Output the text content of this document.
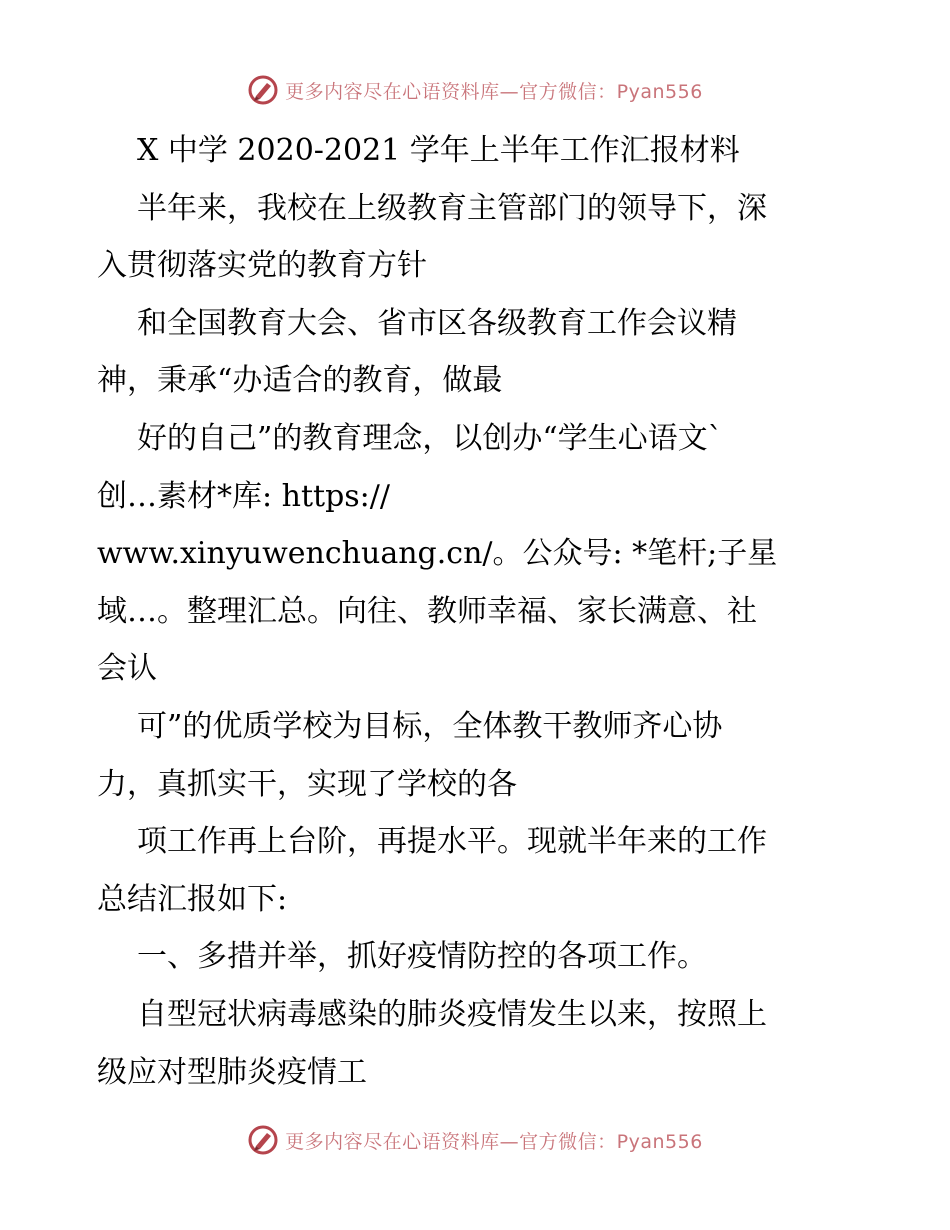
更多内容尽在心语资料库—官方微信：Pyan556
X 中学 2020-2021 学年上半年工作汇报材料
半年来，我校在上级教育主管部门的领导下，深
入贯彻落实党的教育方针
和全国教育大会、省市区各级教育工作会议精
神，秉承“办适合的教育，做最
好的自己”的教育理念，以创办“学生心语文`
创…素材*库: https://
www.xinyuwenchuang.cn/。公众号: *笔杆;子星
域…。整理汇总。向往、教师幸福、家长满意、社
会认
可”的优质学校为目标，全体教干教师齐心协
力，真抓实干，实现了学校的各
项工作再上台阶，再提水平。现就半年来的工作
总结汇报如下:
一、多措并举，抓好疫情防控的各项工作。
自型冠状病毒感染的肺炎疫情发生以来，按照上
级应对型肺炎疫情工
更多内容尽在心语资料库—官方微信：Pyan556
